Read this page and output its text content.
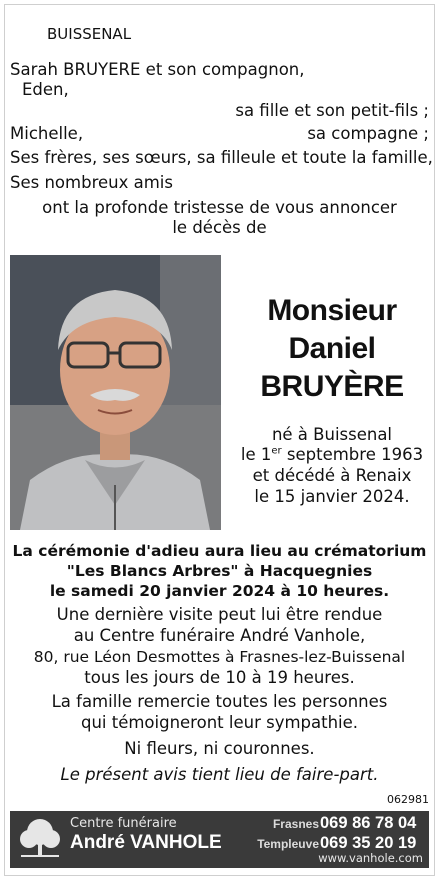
BUISSENAL
Sarah BRUYERE et son compagnon,
Eden,
sa fille et son petit-fils ;
Michelle,	sa compagne ;
Ses frères, ses sœurs, sa filleule et toute la famille,
Ses nombreux amis
ont la profonde tristesse de vous annoncer
le décès de
Monsieur
Daniel
BRUYÈRE
né à Buissenal
le 1er septembre 1963
et décédé à Renaix
le 15 janvier 2024.
La cérémonie d'adieu aura lieu au crématorium
"Les Blancs Arbres" à Hacquegnies
le samedi 20 janvier 2024 à 10 heures.
Une dernière visite peut lui être rendue
au Centre funéraire André Vanhole,
80, rue Léon Desmottes à Frasnes-lez-Buissenal
tous les jours de 10 à 19 heures.
La famille remercie toutes les personnes
qui témoigneront leur sympathie.
Ni fleurs, ni couronnes.
Le présent avis tient lieu de faire-part.
062981
Centre funéraire
André VANHOLE
Frasnes 069 86 78 04
Templeuve 069 35 20 19
www.vanhole.com
